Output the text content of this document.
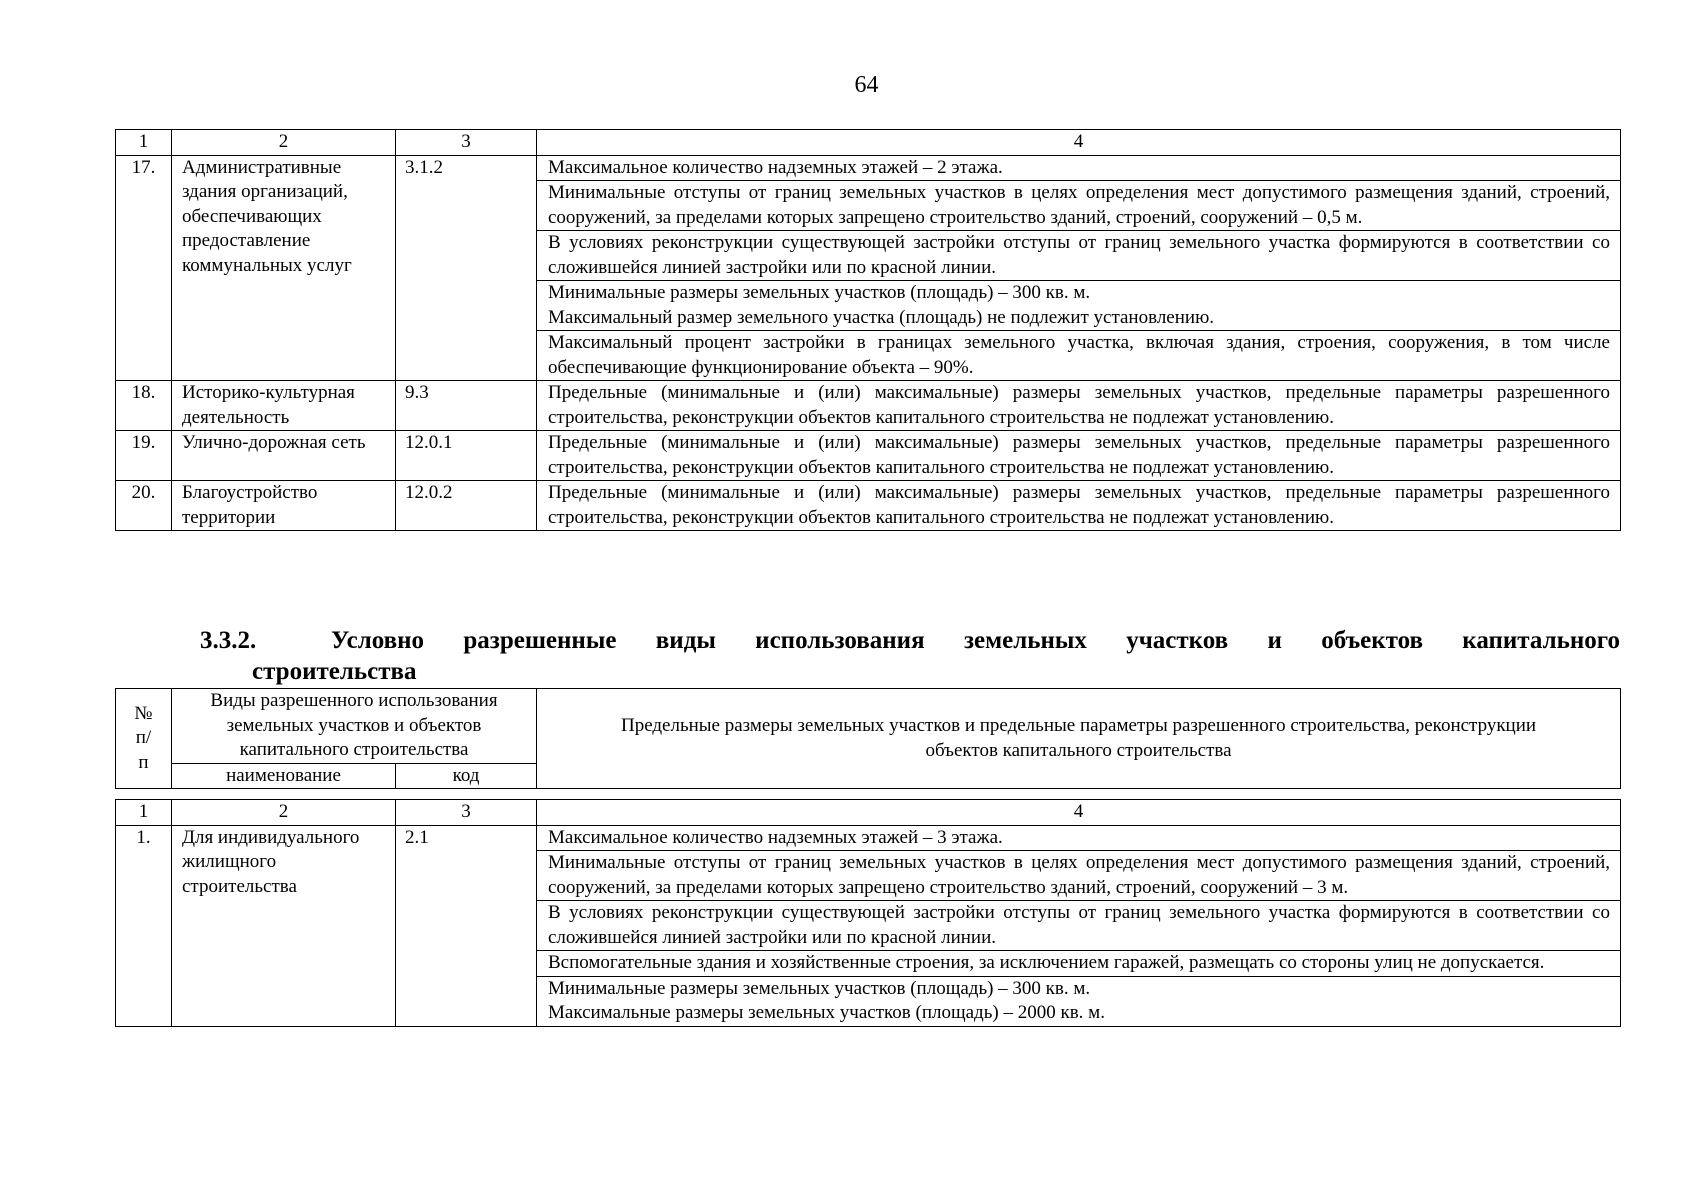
64
1	2	3	4
17.	Административные здания организаций, обеспечивающих предоставление коммунальных услуг	3.1.2	Максимальное количество надземных этажей – 2 этажа.
			Минимальные отступы от границ земельных участков в целях определения мест допустимого размещения зданий, строений, сооружений, за пределами которых запрещено строительство зданий, строений, сооружений – 0,5 м.
			В условиях реконструкции существующей застройки отступы от границ земельного участка формируются в соответствии со сложившейся линией застройки или по красной линии.

			Минимальные размеры земельных участков (площадь) – 300 кв. м.
Максимальный размер земельного участка (площадь) не подлежит установлению.

			Максимальный процент застройки в границах земельного участка, включая здания, строения, сооружения, в том числе обеспечивающие функционирование объекта – 90%.
18.	Историко-культурная деятельность	9.3	Предельные (минимальные и (или) максимальные) размеры земельных участков, предельные параметры разрешенного строительства, реконструкции объектов капитального строительства не подлежат установлению.
19.	Улично-дорожная сеть	12.0.1	Предельные (минимальные и (или) максимальные) размеры земельных участков, предельные параметры разрешенного строительства, реконструкции объектов капитального строительства не подлежат установлению.
20.	Благоустройство территории	12.0.2	Предельные (минимальные и (или) максимальные) размеры земельных участков, предельные параметры разрешенного строительства, реконструкции объектов капитального строительства не подлежат установлению.
3.3.2.	Условно разрешенные виды использования земельных участков и объектов капитального
строительства
№ п/п	Виды разрешенного использования земельных участков и объектов капитального строительства		Предельные размеры земельных участков и предельные параметры разрешенного строительства, реконструкции объектов капитального строительства
	наименование	код	
1	2	3	4
1.	Для индивидуального жилищного строительства	2.1	Максимальное количество надземных этажей – 3 этажа.
			Минимальные отступы от границ земельных участков в целях определения мест допустимого размещения зданий, строений, сооружений, за пределами которых запрещено строительство зданий, строений, сооружений – 3 м.
			В условиях реконструкции существующей застройки отступы от границ земельного участка формируются в соответствии со сложившейся линией застройки или по красной линии.
			Вспомогательные здания и хозяйственные строения, за исключением гаражей, размещать со стороны улиц не допускается.

			Минимальные размеры земельных участков (площадь) – 300 кв. м.
Максимальные размеры земельных участков (площадь) – 2000 кв. м.
